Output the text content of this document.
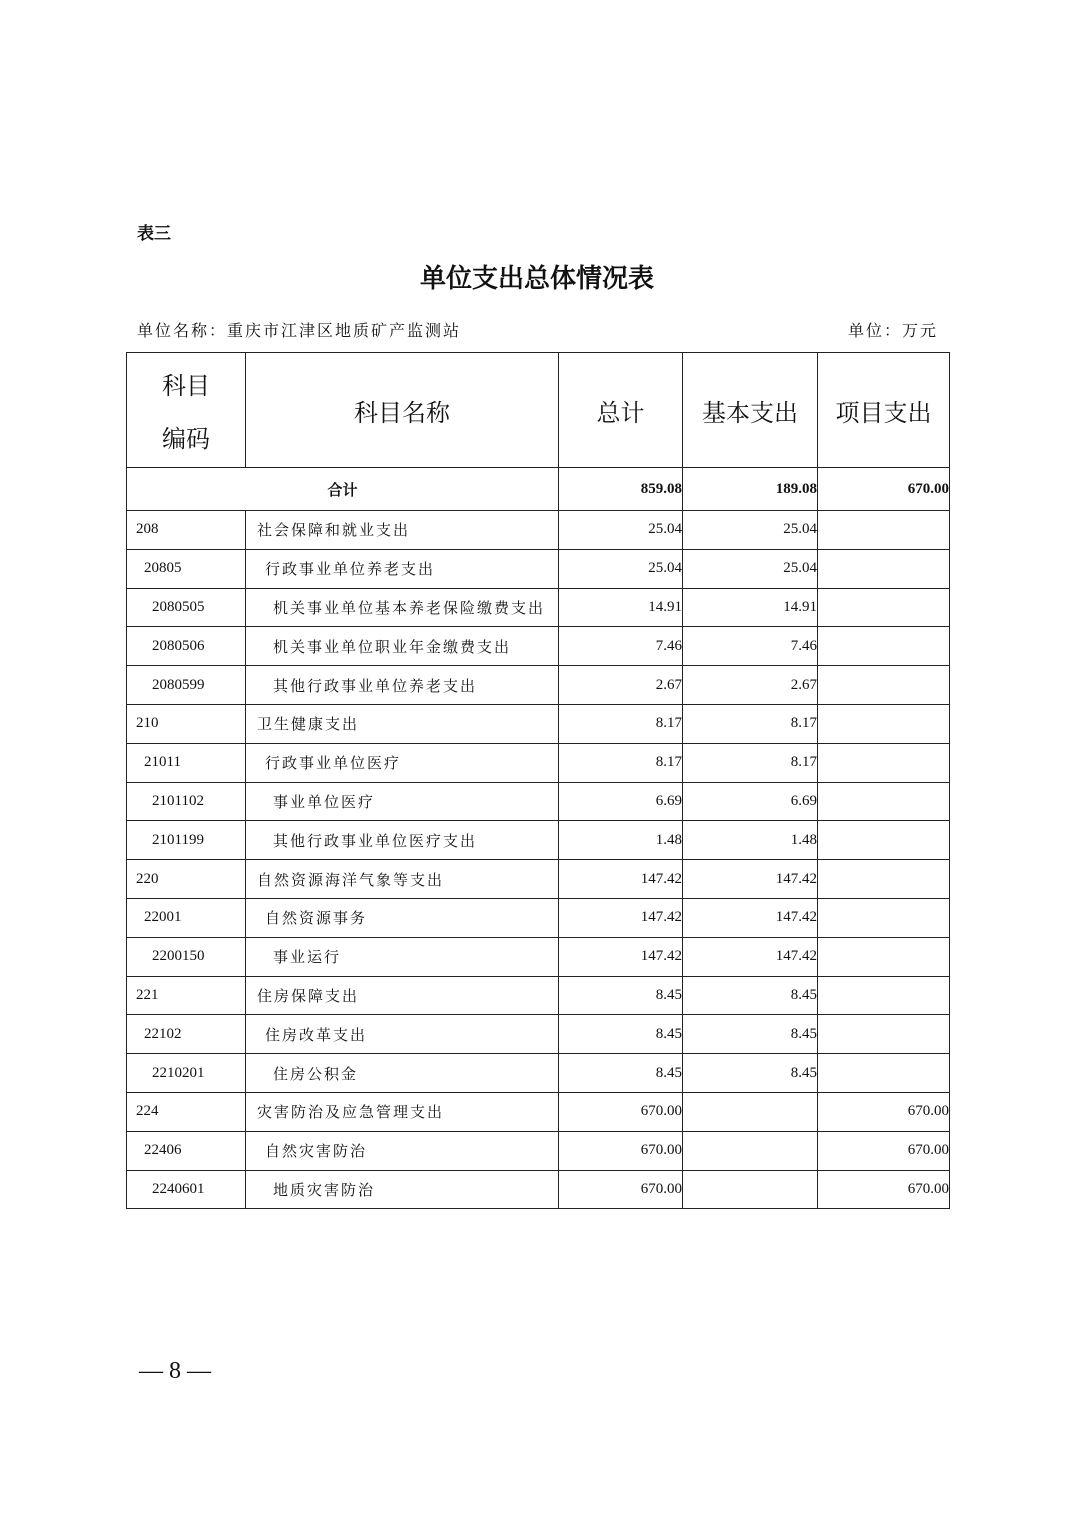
表三
单位支出总体情况表
单位名称：重庆市江津区地质矿产监测站	单位：万元
科目
编码	科目名称	总计	基本支出	项目支出
合计		859.08	189.08	670.00
208	社会保障和就业支出	25.04	25.04	
20805	行政事业单位养老支出	25.04	25.04	
2080505	机关事业单位基本养老保险缴费支出	14.91	14.91	
2080506	机关事业单位职业年金缴费支出	7.46	7.46	
2080599	其他行政事业单位养老支出	2.67	2.67	
210	卫生健康支出	8.17	8.17	
21011	行政事业单位医疗	8.17	8.17	
2101102	事业单位医疗	6.69	6.69	
2101199	其他行政事业单位医疗支出	1.48	1.48	
220	自然资源海洋气象等支出	147.42	147.42	
22001	自然资源事务	147.42	147.42	
2200150	事业运行	147.42	147.42	
221	住房保障支出	8.45	8.45	
22102	住房改革支出	8.45	8.45	
2210201	住房公积金	8.45	8.45	
224	灾害防治及应急管理支出	670.00		670.00
22406	自然灾害防治	670.00		670.00
2240601	地质灾害防治	670.00		670.00
— 8 —
